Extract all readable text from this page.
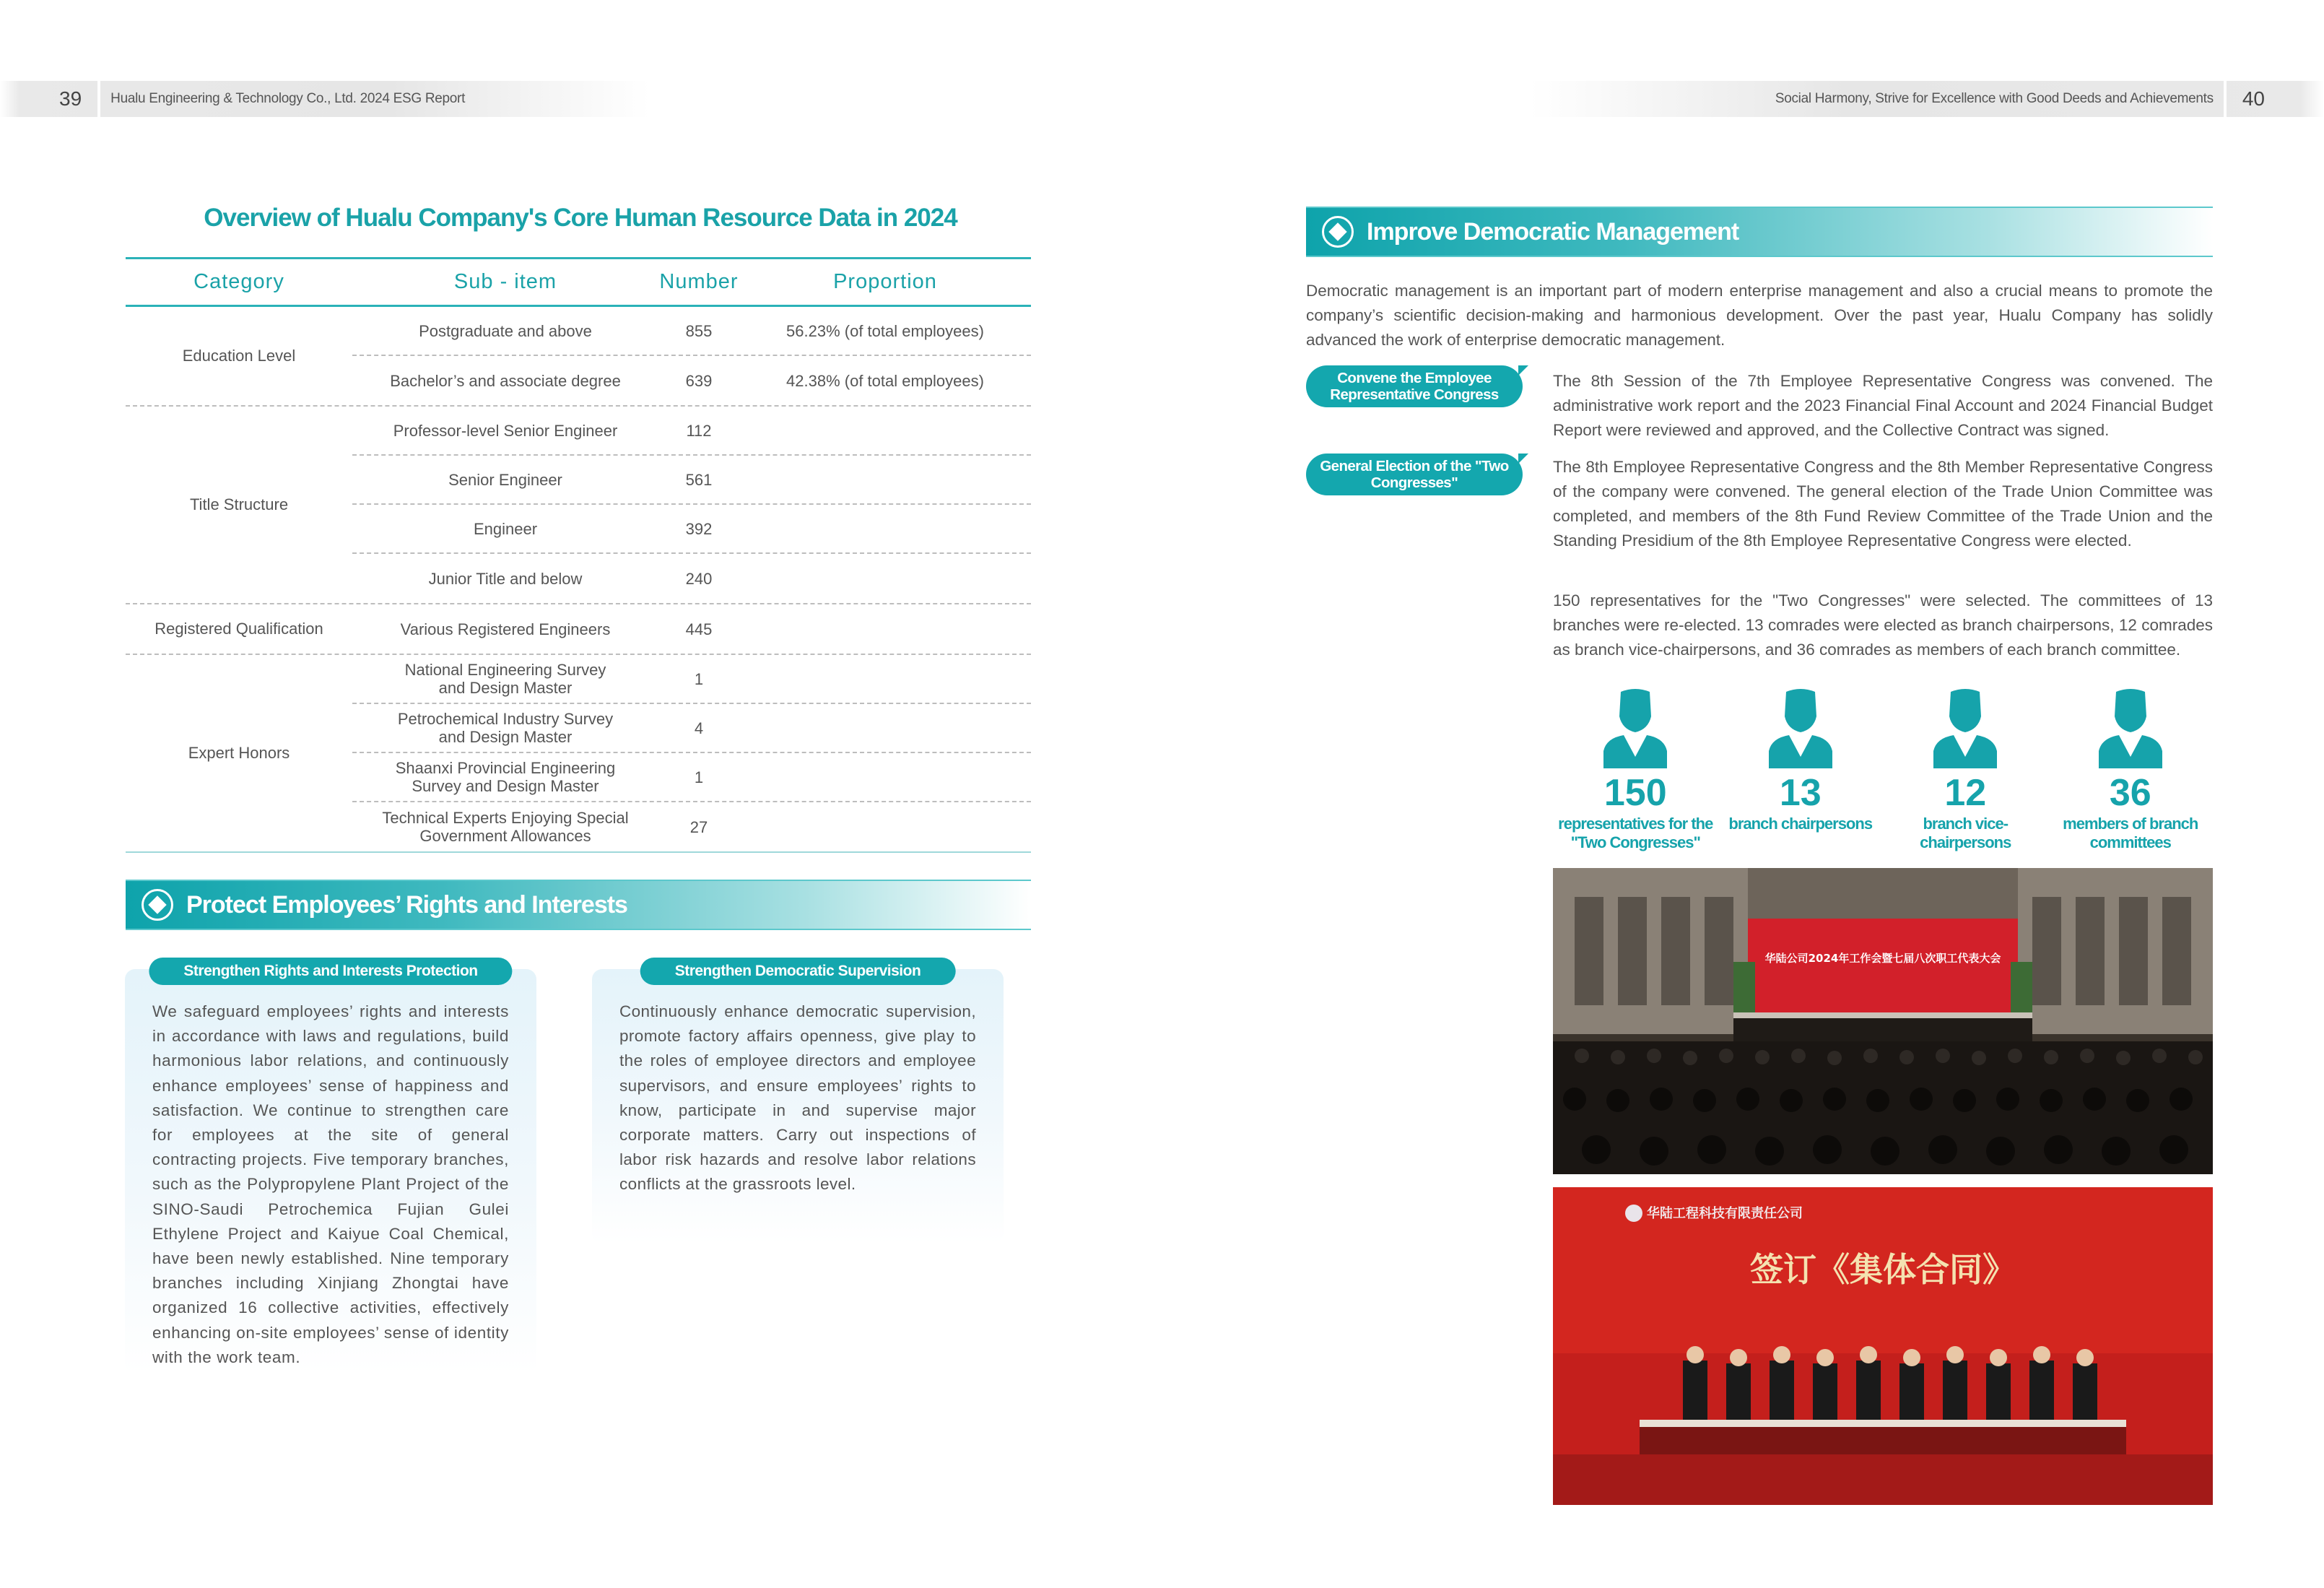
39	Hualu Engineering & Technology Co., Ltd. 2024 ESG Report	Social Harmony, Strive for Excellence with Good Deeds and Achievements	40
Overview of Hualu Company's Core Human Resource Data in 2024
Category	Sub - item	Number	Proportion
Education Level
Postgraduate and above	855	56.23% (of total employees)
Bachelor’s and associate degree	639	42.38% (of total employees)
Title Structure
Professor-level Senior Engineer	112
Senior Engineer	561
Engineer	392
Junior Title and below	240
Registered Qualification	Various Registered Engineers	445
Expert Honors
National Engineering Survey and Design Master	1
Petrochemical Industry Survey and Design Master	4
Shaanxi Provincial Engineering Survey and Design Master	1
Technical Experts Enjoying Special Government Allowances	27
Protect Employees’ Rights and Interests
Strengthen Rights and Interests Protection
We safeguard employees’ rights and interests in accordance with laws and regulations, build harmonious labor relations, and continuously enhance employees’ sense of happiness and satisfaction. We continue to strengthen care for employees at the site of general contracting projects. Five temporary branches, such as the Polypropylene Plant Project of the SINO-Saudi Petrochemica Fujian Gulei Ethylene Project and Kaiyue Coal Chemical, have been newly established. Nine temporary branches including Xinjiang Zhongtai have organized 16 collective activities, effectively enhancing on-site employees’ sense of identity with the work team.
Strengthen Democratic Supervision
Continuously enhance democratic supervision, promote factory affairs openness, give play to the roles of employee directors and employee supervisors, and ensure employees’ rights to know, participate in and supervise major corporate matters. Carry out inspections of labor risk hazards and resolve labor relations conflicts at the grassroots level.
Improve Democratic Management
Democratic management is an important part of modern enterprise management and also a crucial means to promote the company’s scientific decision-making and harmonious development. Over the past year, Hualu Company has solidly advanced the work of enterprise democratic management.
Convene the Employee Representative Congress
The 8th Session of the 7th Employee Representative Congress was convened. The administrative work report and the 2023 Financial Final Account and 2024 Financial Budget Report were reviewed and approved, and the Collective Contract was signed.
General Election of the "Two Congresses"
The 8th Employee Representative Congress and the 8th Member Representative Congress of the company were convened. The general election of the Trade Union Committee was completed, and members of the 8th Fund Review Committee of the Trade Union and the Standing Presidium of the 8th Employee Representative Congress were elected.
150 representatives for the "Two Congresses" were selected. The committees of 13 branches were re-elected. 13 comrades were elected as branch chairpersons, 12 comrades as branch vice-chairpersons, and 36 comrades as members of each branch committee.
150
representatives for the "Two Congresses"
13
branch chairpersons
12
branch vice-chairpersons
36
members of branch committees
华陆公司2024年工作会暨七届八次职工代表大会
华陆工程科技有限责任公司
签订《集体合同》
